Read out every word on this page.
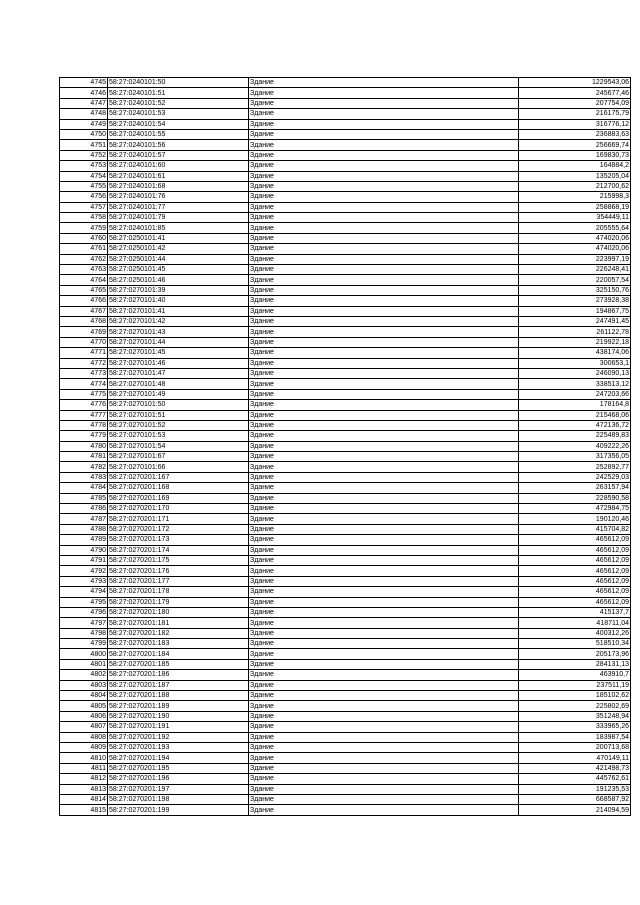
4745	58:27:0240101:50	Здание	1229543,06
4746	58:27:0240101:51	Здание	245677,46
4747	58:27:0240101:52	Здание	207754,09
4748	58:27:0240101:53	Здание	216175,79
4749	58:27:0240101:54	Здание	316776,12
4750	58:27:0240101:55	Здание	236883,63
4751	58:27:0240101:56	Здание	256669,74
4752	58:27:0240101:57	Здание	169830,73
4753	58:27:0240101:60	Здание	164884,2
4754	58:27:0240101:61	Здание	135205,04
4755	58:27:0240101:68	Здание	212700,62
4756	58:27:0240101:76	Здание	215998,3
4757	58:27:0240101:77	Здание	258868,19
4758	58:27:0240101:79	Здание	354449,11
4759	58:27:0240101:85	Здание	205555,64
4760	58:27:0250101:41	Здание	474020,06
4761	58:27:0250101:42	Здание	474020,06
4762	58:27:0250101:44	Здание	223997,19
4763	58:27:0250101:45	Здание	226248,41
4764	58:27:0250101:46	Здание	220057,54
4765	58:27:0270101:39	Здание	325150,76
4766	58:27:0270101:40	Здание	273928,38
4767	58:27:0270101:41	Здание	194867,75
4768	58:27:0270101:42	Здание	247491,45
4769	58:27:0270101:43	Здание	261122,78
4770	58:27:0270101:44	Здание	219922,18
4771	58:27:0270101:45	Здание	438174,06
4772	58:27:0270101:46	Здание	300653,1
4773	58:27:0270101:47	Здание	246090,13
4774	58:27:0270101:48	Здание	338513,12
4775	58:27:0270101:49	Здание	247203,66
4776	58:27:0270101:50	Здание	178164,8
4777	58:27:0270101:51	Здание	215468,06
4778	58:27:0270101:52	Здание	472136,72
4779	58:27:0270101:53	Здание	225489,83
4780	58:27:0270101:54	Здание	409222,26
4781	58:27:0270101:67	Здание	317356,05
4782	58:27:0270101:66	Здание	252892,77
4783	58:27:0270201:167	Здание	242529,03
4784	58:27:0270201:168	Здание	263157,94
4785	58:27:0270201:169	Здание	228590,58
4786	58:27:0270201:170	Здание	472984,75
4787	58:27:0270201:171	Здание	190120,46
4788	58:27:0270201:172	Здание	415704,82
4789	58:27:0270201:173	Здание	465612,09
4790	58:27:0270201:174	Здание	465612,09
4791	58:27:0270201:175	Здание	465612,09
4792	58:27:0270201:176	Здание	465612,09
4793	58:27:0270201:177	Здание	465612,09
4794	58:27:0270201:178	Здание	465612,09
4795	58:27:0270201:179	Здание	465612,09
4796	58:27:0270201:180	Здание	415137,7
4797	58:27:0270201:181	Здание	418711,04
4798	58:27:0270201:182	Здание	400312,26
4799	58:27:0270201:183	Здание	518510,34
4800	58:27:0270201:184	Здание	205173,96
4801	58:27:0270201:185	Здание	284131,13
4802	58:27:0270201:186	Здание	463910,7
4803	58:27:0270201:187	Здание	237511,19
4804	58:27:0270201:188	Здание	185102,62
4805	58:27:0270201:189	Здание	225802,69
4806	58:27:0270201:190	Здание	351248,94
4807	58:27:0270201:191	Здание	333965,26
4808	58:27:0270201:192	Здание	183987,54
4809	58:27:0270201:193	Здание	200713,68
4810	58:27:0270201:194	Здание	470149,11
4811	58:27:0270201:195	Здание	421498,73
4812	58:27:0270201:196	Здание	445762,61
4813	58:27:0270201:197	Здание	191235,53
4814	58:27:0270201:198	Здание	668587,92
4815	58:27:0270201:199	Здание	214094,59
